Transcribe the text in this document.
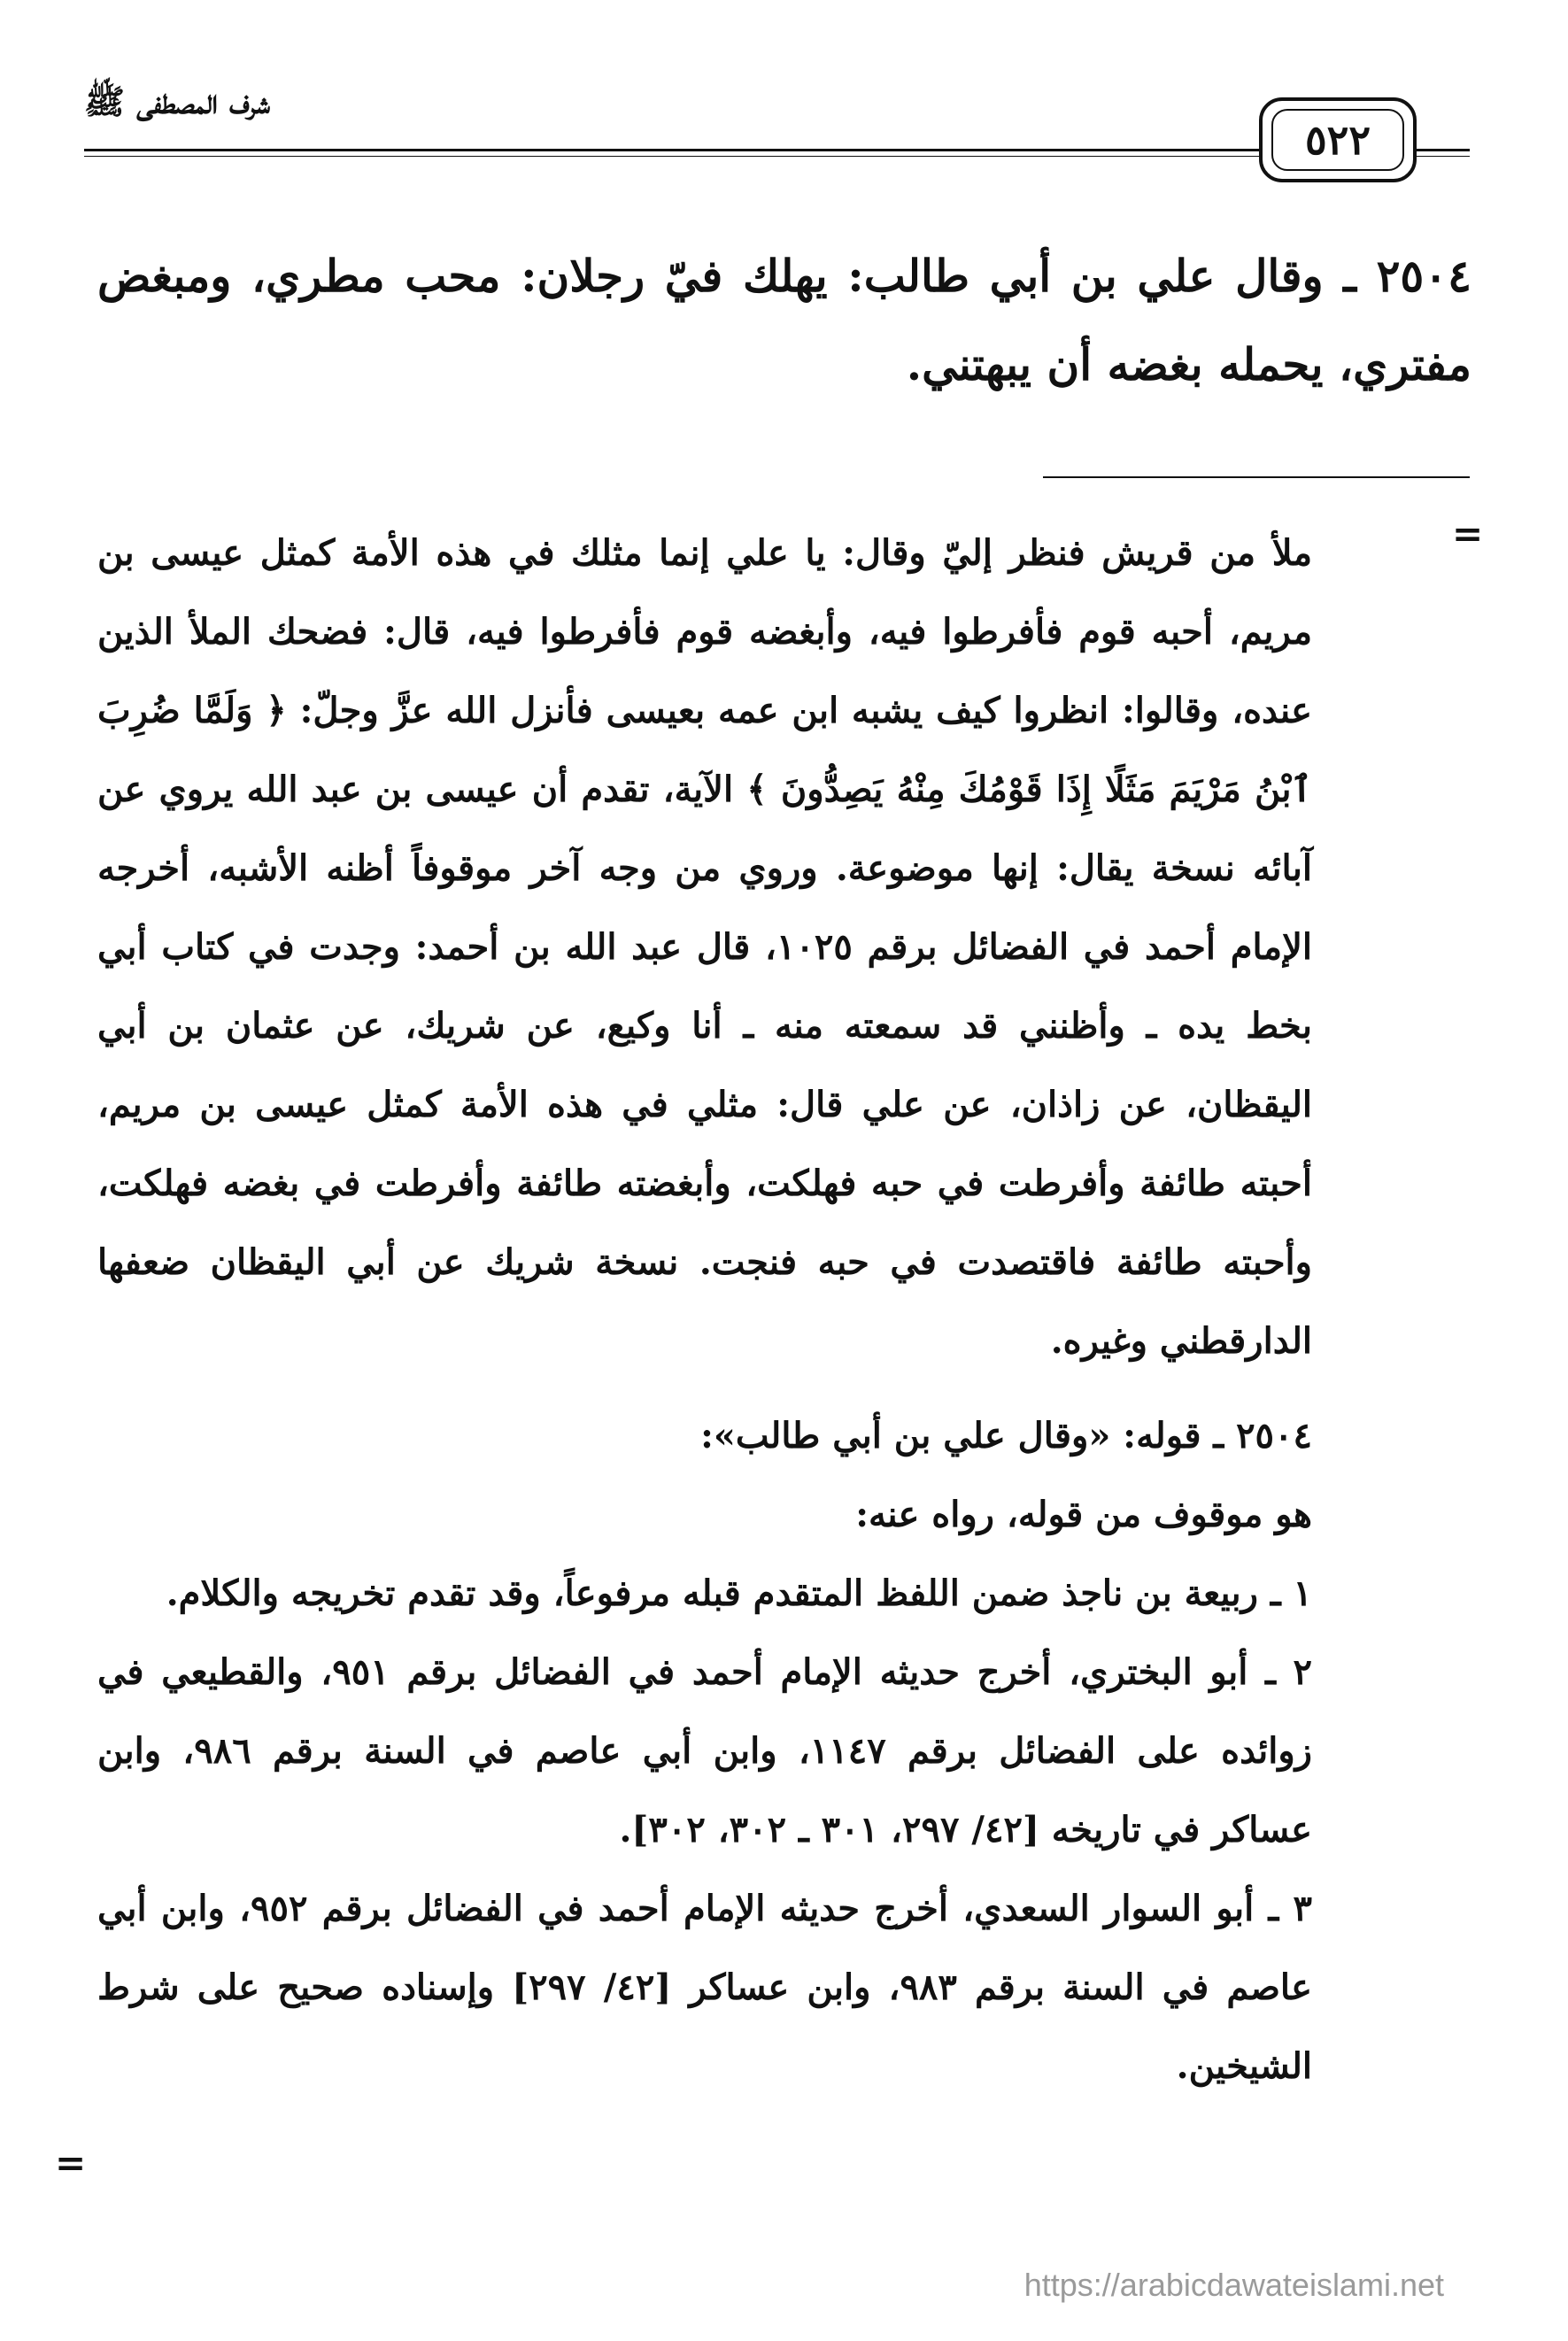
شرف المصطفى ﷺ
٥٢٢

٢٥٠٤ ـ وقال علي بن أبي طالب: يهلك فيّ رجلان: محب مطري، ومبغض مفتري، يحمله بغضه أن يبهتني.

=

ملأ من قريش فنظر إليّ وقال: يا علي إنما مثلك في هذه الأمة كمثل عيسى بن مريم، أحبه قوم فأفرطوا فيه، وأبغضه قوم فأفرطوا فيه، قال: فضحك الملأ الذين عنده، وقالوا: انظروا كيف يشبه ابن عمه بعيسى فأنزل الله عزَّ وجلّ: ﴿ وَلَمَّا ضُرِبَ ٱبْنُ مَرْيَمَ مَثَلًا إِذَا قَوْمُكَ مِنْهُ يَصِدُّونَ ﴾ الآية، تقدم أن عيسى بن عبد الله يروي عن آبائه نسخة يقال: إنها موضوعة. وروي من وجه آخر موقوفاً أظنه الأشبه، أخرجه الإمام أحمد في الفضائل برقم ١٠٢٥، قال عبد الله بن أحمد: وجدت في كتاب أبي بخط يده ـ وأظنني قد سمعته منه ـ أنا وكيع، عن شريك، عن عثمان بن أبي اليقظان، عن زاذان، عن علي قال: مثلي في هذه الأمة كمثل عيسى بن مريم، أحبته طائفة وأفرطت في حبه فهلكت، وأبغضته طائفة وأفرطت في بغضه فهلكت، وأحبته طائفة فاقتصدت في حبه فنجت. نسخة شريك عن أبي اليقظان ضعفها الدارقطني وغيره.

٢٥٠٤ ـ قوله: «وقال علي بن أبي طالب»:

هو موقوف من قوله، رواه عنه:

١ ـ ربيعة بن ناجذ ضمن اللفظ المتقدم قبله مرفوعاً، وقد تقدم تخريجه والكلام.

٢ ـ أبو البختري، أخرج حديثه الإمام أحمد في الفضائل برقم ٩٥١، والقطيعي في زوائده على الفضائل برقم ١١٤٧، وابن أبي عاصم في السنة برقم ٩٨٦، وابن عساكر في تاريخه [٤٢/ ٢٩٧، ٣٠١ ـ ٣٠٢، ٣٠٢].

٣ ـ أبو السوار السعدي، أخرج حديثه الإمام أحمد في الفضائل برقم ٩٥٢، وابن أبي عاصم في السنة برقم ٩٨٣، وابن عساكر [٤٢/ ٢٩٧] وإسناده صحيح على شرط الشيخين.

=
https://arabicdawateislami.net
